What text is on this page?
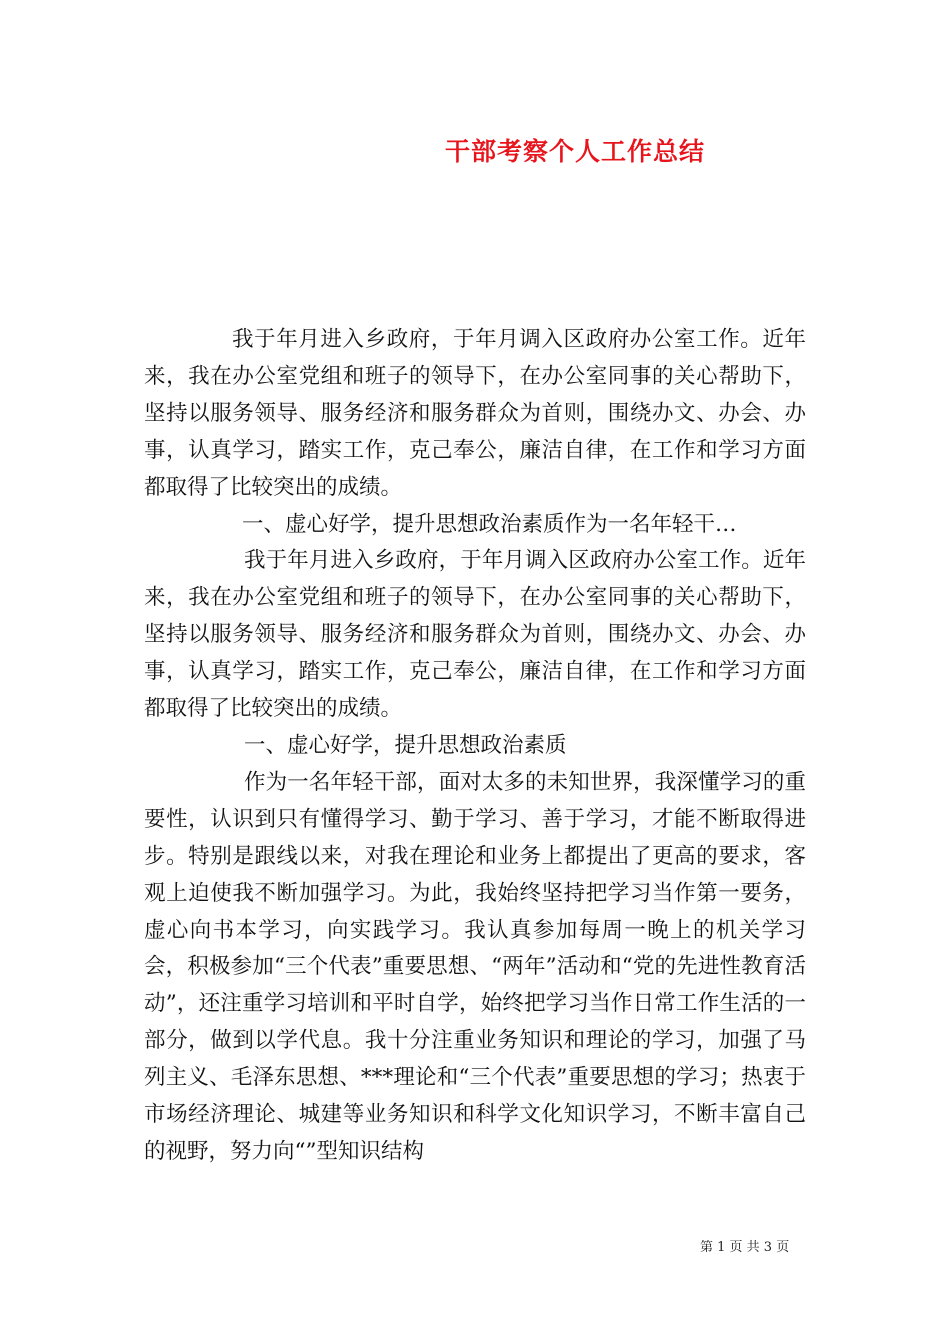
干部考察个人工作总结

我于年月进入乡政府，于年月调入区政府办公室工作。近年来，我在办公室党组和班子的领导下，在办公室同事的关心帮助下，坚持以服务领导、服务经济和服务群众为首则，围绕办文、办会、办事，认真学习，踏实工作，克己奉公，廉洁自律，在工作和学习方面都取得了比较突出的成绩。

一、虚心好学，提升思想政治素质作为一名年轻干…

我于年月进入乡政府，于年月调入区政府办公室工作。近年来，我在办公室党组和班子的领导下，在办公室同事的关心帮助下，坚持以服务领导、服务经济和服务群众为首则，围绕办文、办会、办事，认真学习，踏实工作，克己奉公，廉洁自律，在工作和学习方面都取得了比较突出的成绩。

一、虚心好学，提升思想政治素质

作为一名年轻干部，面对太多的未知世界，我深懂学习的重要性，认识到只有懂得学习、勤于学习、善于学习，才能不断取得进步。特别是跟线以来，对我在理论和业务上都提出了更高的要求，客观上迫使我不断加强学习。为此，我始终坚持把学习当作第一要务，虚心向书本学习，向实践学习。我认真参加每周一晚上的机关学习会，积极参加“三个代表”重要思想、“两年”活动和“党的先进性教育活动”，还注重学习培训和平时自学，始终把学习当作日常工作生活的一部分，做到以学代息。我十分注重业务知识和理论的学习，加强了马列主义、毛泽东思想、***理论和“三个代表”重要思想的学习；热衷于市场经济理论、城建等业务知识和科学文化知识学习，不断丰富自己的视野，努力向“”型知识结构

第 1 页 共 3 页
